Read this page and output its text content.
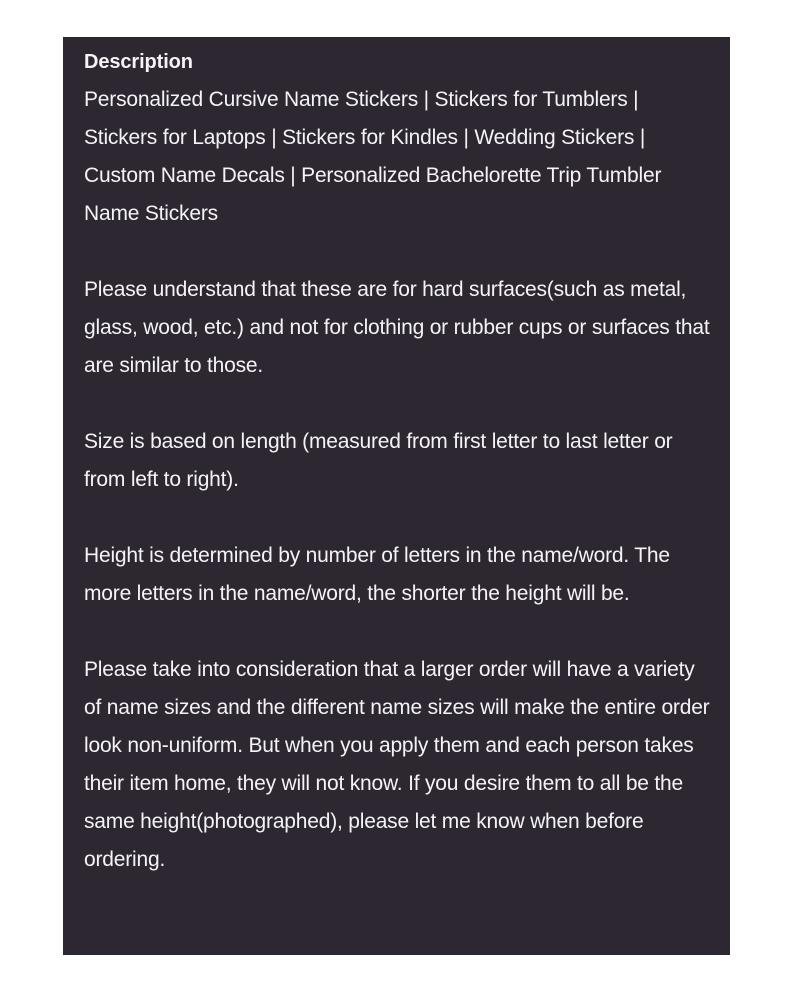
Description

Personalized Cursive Name Stickers | Stickers for Tumblers | Stickers for Laptops | Stickers for Kindles | Wedding Stickers | Custom Name Decals | Personalized Bachelorette Trip Tumbler Name Stickers

Please understand that these are for hard surfaces(such as metal, glass, wood, etc.) and not for clothing or rubber cups or surfaces that are similar to those.

Size is based on length (measured from first letter to last letter or from left to right).

Height is determined by number of letters in the name/word. The more letters in the name/word, the shorter the height will be.

Please take into consideration that a larger order will have a variety of name sizes and the different name sizes will make the entire order look non-uniform. But when you apply them and each person takes their item home, they will not know. If you desire them to all be the same height(photographed), please let me know when before ordering.
